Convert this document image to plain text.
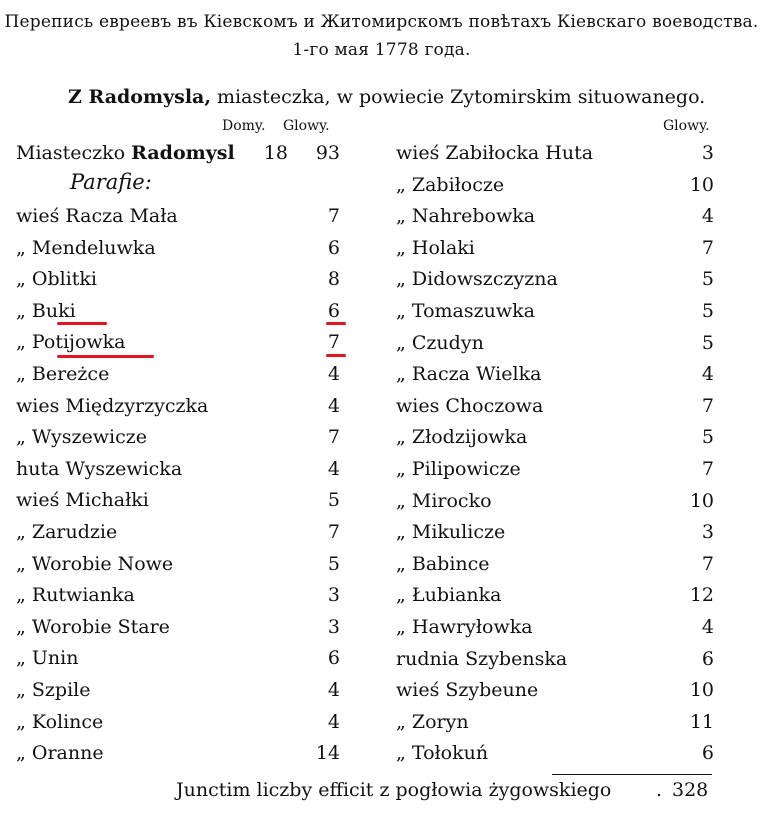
Перепись евреевъ въ Кіевскомъ и Житомирскомъ повѣтахъ Кіевскаго воеводства.
1-го мая 1778 года.
Z Radomysla, miasteczka, w powiecie Zytomirskim situowanego.
Domy. Glowy.	Glowy.
Miasteczko Radomysl 18 93
Parafie:
wieś Racza Mała	7
„ Mendeluwka	6
„ Oblitki	8
„ Buki	6
„ Potijowka	7
„ Bereżce	4
wies Międzyrzyczka	4
„ Wyszewicze	7
huta Wyszewicka	4
wieś Michałki	5
„ Zarudzie	7
„ Worobie Nowe	5
„ Rutwianka	3
„ Worobie Stare	3
„ Unin	6
„ Szpile	4
„ Kolince	4
„ Oranne	14
wieś Zabiłocka Huta	3
„ Zabiłocze	10
„ Nahrebowka	4
„ Holaki	7
„ Didowszczyzna	5
„ Tomaszuwka	5
„ Czudyn	5
„ Racza Wielka	4
wies Choczowa	7
„ Złodzijowka	5
„ Pilipowicze	7
„ Mirocko	10
„ Mikulicze	3
„ Babince	7
„ Łubianka	12
„ Hawryłowka	4
rudnia Szybenska	6
wieś Szybeune	10
„ Zoryn	11
„ Tołokuń	6
Junctim liczby efficit z pogłowia żygowskiego . 328
